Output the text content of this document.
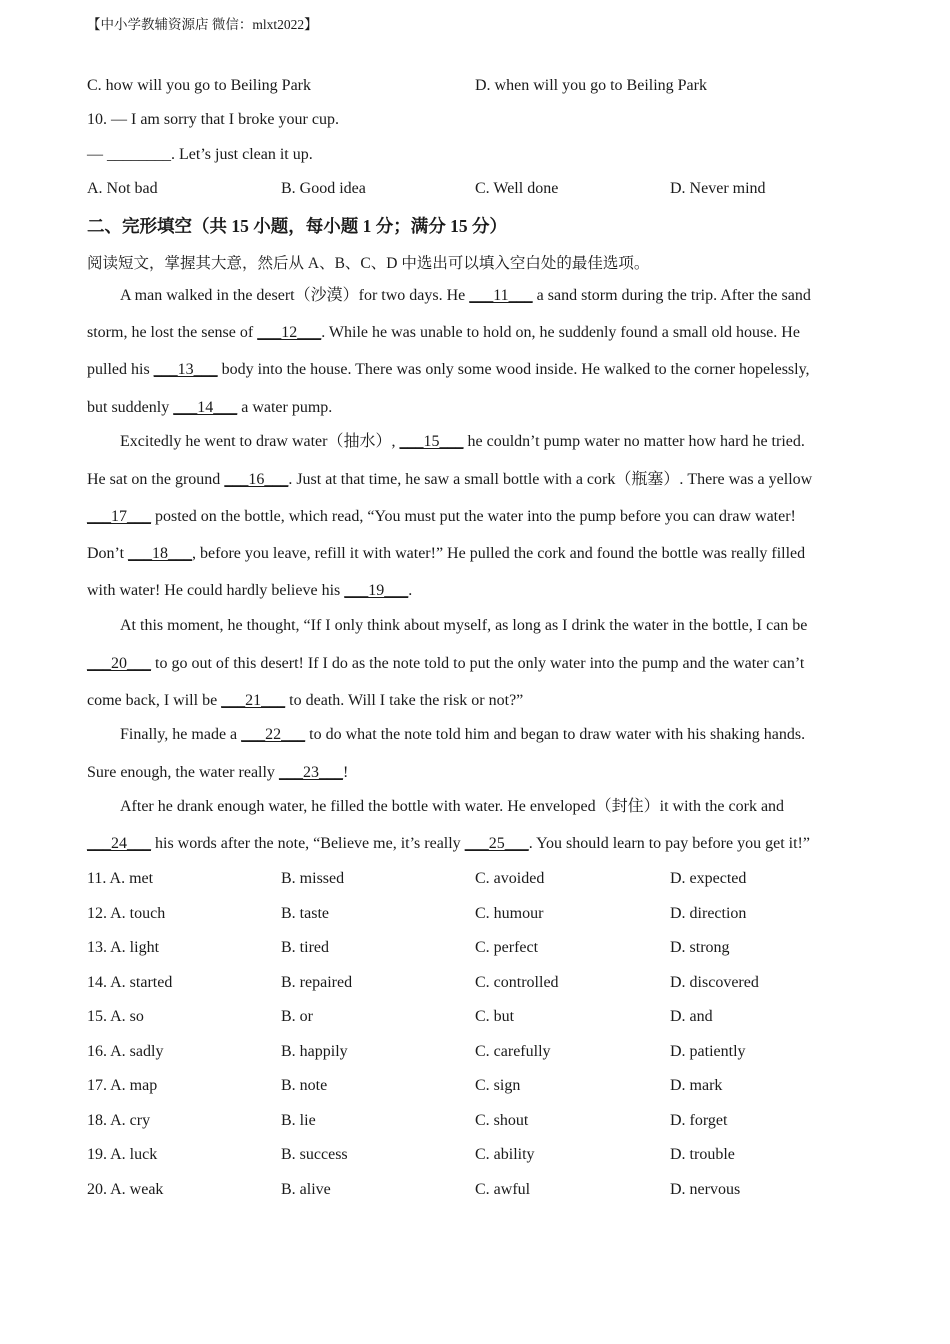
【中小学教辅资源店 微信：mlxt2022】
C. how will you go to Beiling Park	D. when will you go to Beiling Park
10. — I am sorry that I broke your cup.
— ________. Let’s just clean it up.
A. Not bad	B. Good idea	C. Well done	D. Never mind
二、完形填空（共 15 小题，每小题 1 分；满分 15 分）
阅读短文，掌握其大意，然后从 A、B、C、D 中选出可以填入空白处的最佳选项。
A man walked in the desert（沙漠）for two days. He ___11___ a sand storm during the trip. After the sand
storm, he lost the sense of ___12___. While he was unable to hold on, he suddenly found a small old house. He
pulled his ___13___ body into the house. There was only some wood inside. He walked to the corner hopelessly,
but suddenly ___14___ a water pump.
Excitedly he went to draw water（抽水）, ___15___ he couldn’t pump water no matter how hard he tried.
He sat on the ground ___16___. Just at that time, he saw a small bottle with a cork（瓶塞）. There was a yellow
___17___ posted on the bottle, which read, “You must put the water into the pump before you can draw water!
Don’t ___18___, before you leave, refill it with water!” He pulled the cork and found the bottle was really filled
with water! He could hardly believe his ___19___.
At this moment, he thought, “If I only think about myself, as long as I drink the water in the bottle, I can be
___20___ to go out of this desert! If I do as the note told to put the only water into the pump and the water can’t
come back, I will be ___21___ to death. Will I take the risk or not?”
Finally, he made a ___22___ to do what the note told him and began to draw water with his shaking hands.
Sure enough, the water really ___23___!
After he drank enough water, he filled the bottle with water. He enveloped（封住）it with the cork and
___24___ his words after the note, “Believe me, it’s really ___25___. You should learn to pay before you get it!”
11. A. met	B. missed	C. avoided	D. expected
12. A. touch	B. taste	C. humour	D. direction
13. A. light	B. tired	C. perfect	D. strong
14. A. started	B. repaired	C. controlled	D. discovered
15. A. so	B. or	C. but	D. and
16. A. sadly	B. happily	C. carefully	D. patiently
17. A. map	B. note	C. sign	D. mark
18. A. cry	B. lie	C. shout	D. forget
19. A. luck	B. success	C. ability	D. trouble
20. A. weak	B. alive	C. awful	D. nervous
